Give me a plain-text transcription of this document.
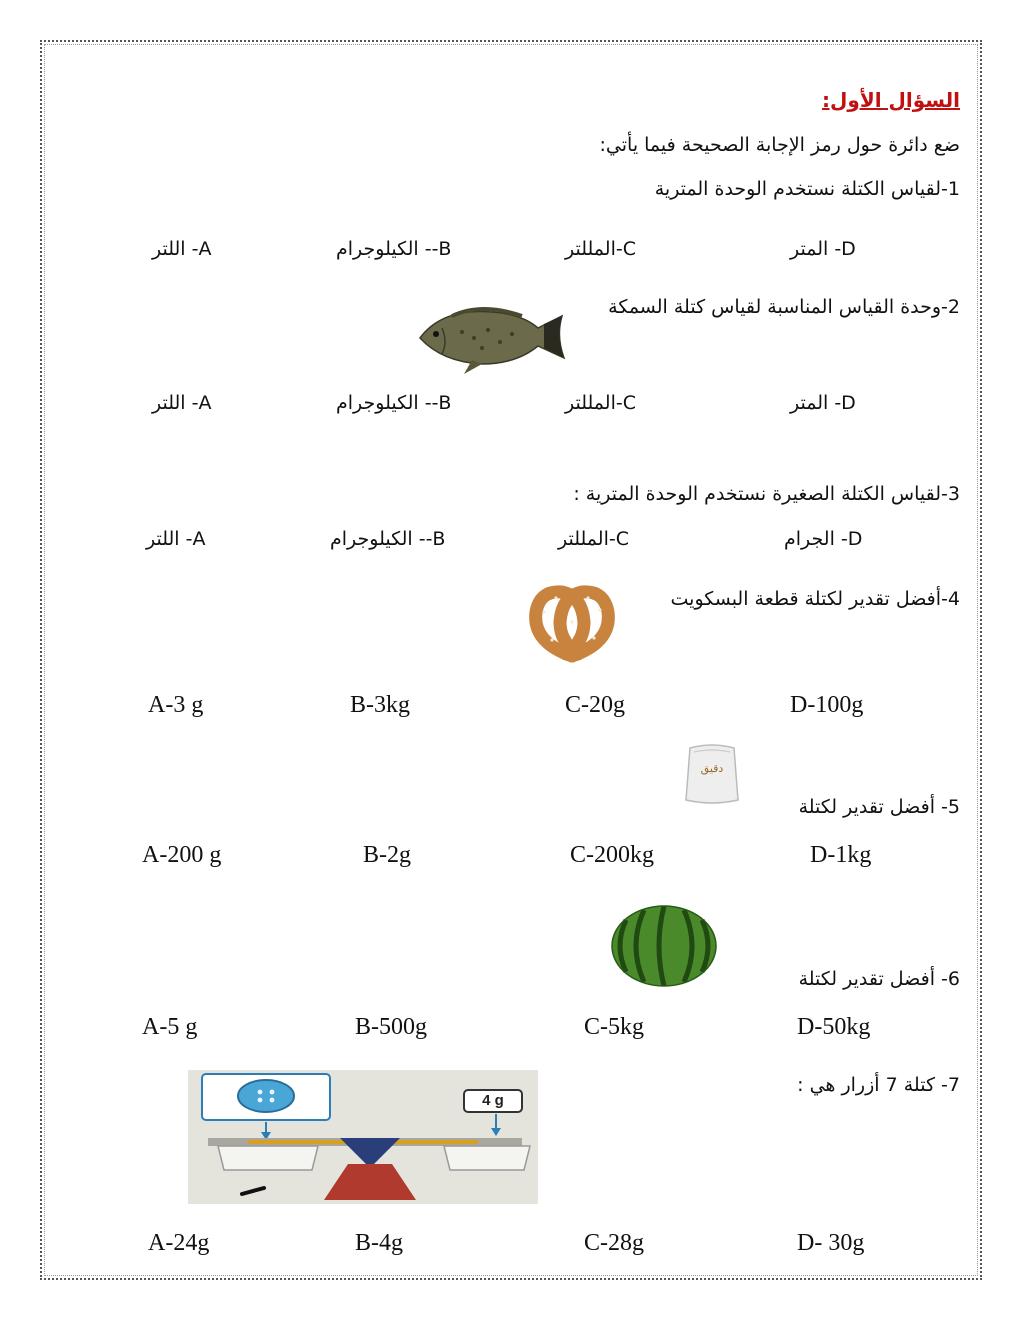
السؤال الأول:
ضع دائرة حول رمز الإجابة الصحيحة فيما يأتي:
1-لقياس الكتلة نستخدم الوحدة المترية
اللتر -A	الكيلوجرام --B	المللتر-C	المتر -D
2-وحدة القياس المناسبة لقياس كتلة السمكة
اللتر -A	الكيلوجرام --B	المللتر-C	المتر -D
3-لقياس الكتلة الصغيرة نستخدم الوحدة المترية :
اللتر -A	الكيلوجرام --B	المللتر-C	الجرام -D
4-أفضل تقدير لكتلة قطعة البسكويت
A-3 g	B-3kg	C-20g	D-100g
دقيق
5- أفضل تقدير لكتلة
A-200 g	B-2g	C-200kg	D-1kg
6- أفضل تقدير لكتلة
A-5 g	B-500g	C-5kg	D-50kg
7- كتلة 7 أزرار هي :
4 g
A-24g	B-4g	C-28g	D- 30g
